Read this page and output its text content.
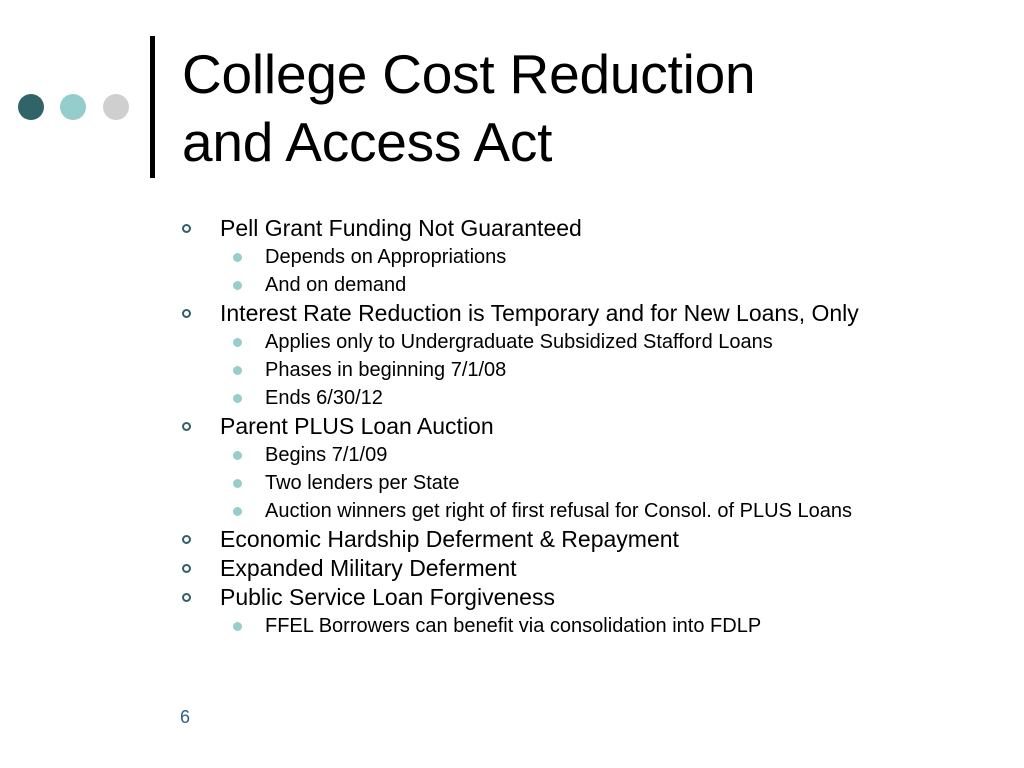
College Cost Reduction
and Access Act
Pell Grant Funding Not Guaranteed
Depends on Appropriations
And on demand
Interest Rate Reduction is Temporary and for New Loans, Only
Applies only to Undergraduate Subsidized Stafford Loans
Phases in beginning 7/1/08
Ends 6/30/12
Parent PLUS Loan Auction
Begins 7/1/09
Two lenders per State
Auction winners get right of first refusal for Consol. of PLUS Loans
Economic Hardship Deferment & Repayment
Expanded Military Deferment
Public Service Loan Forgiveness
FFEL Borrowers can benefit via consolidation into FDLP
6
